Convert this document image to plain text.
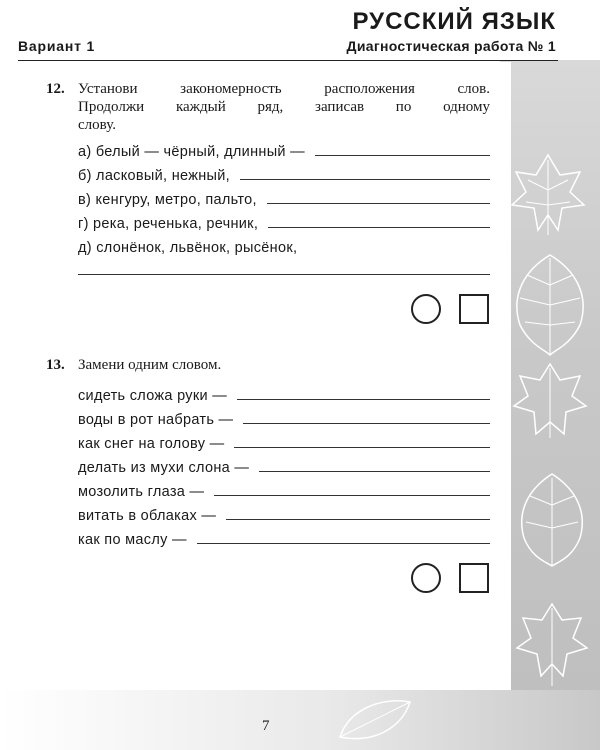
РУССКИЙ ЯЗЫК
Вариант 1	Диагностическая работа № 1
12. Установи закономерность расположения слов.
Продолжи каждый ряд, записав по одному
слову.
а) белый — чёрный, длинный —
б) ласковый, нежный,
в) кенгуру, метро, пальто,
г) река, реченька, речник,
д) слонёнок, львёнок, рысёнок,
13. Замени одним словом.
сидеть сложа руки —
воды в рот набрать —
как снег на голову —
делать из мухи слона —
мозолить глаза —
витать в облаках —
как по маслу —
7
